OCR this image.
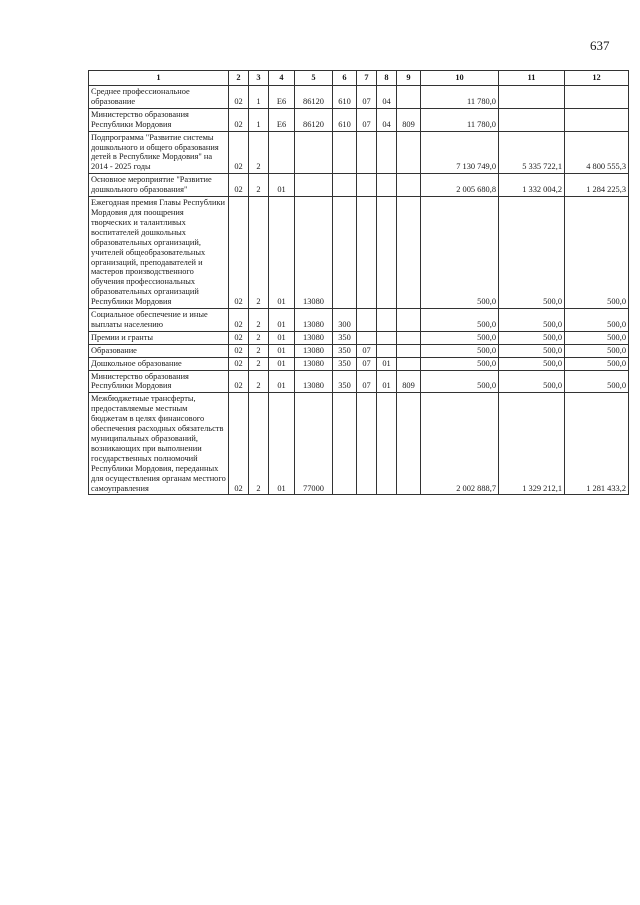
637
1	2	3	4	5	6	7	8	9	10	11	12
Среднее профессиональное образование	02	1	Е6	86120	610	07	04		11 780,0		
Министерство образования Республики Мордовия	02	1	Е6	86120	610	07	04	809	11 780,0		
Подпрограмма "Развитие системы дошкольного и общего образования детей в Республике Мордовия" на 2014 - 2025 годы	02	2							7 130 749,0	5 335 722,1	4 800 555,3
Основное мероприятие "Развитие дошкольного образования"	02	2	01						2 005 680,8	1 332 004,2	1 284 225,3
Ежегодная премия Главы Республики Мордовия для поощрения творческих и талантливых воспитателей дошкольных образовательных организаций, учителей общеобразовательных организаций, преподавателей и мастеров производственного обучения профессиональных образовательных организаций Республики Мордовия	02	2	01	13080					500,0	500,0	500,0
Социальное обеспечение и иные выплаты населению	02	2	01	13080	300				500,0	500,0	500,0
Премии и гранты	02	2	01	13080	350				500,0	500,0	500,0
Образование	02	2	01	13080	350	07			500,0	500,0	500,0
Дошкольное образование	02	2	01	13080	350	07	01		500,0	500,0	500,0
Министерство образования Республики Мордовия	02	2	01	13080	350	07	01	809	500,0	500,0	500,0
Межбюджетные трансферты, предоставляемые местным бюджетам в целях финансового обеспечения расходных обязательств муниципальных образований, возникающих при выполнении государственных полномочий Республики Мордовия, переданных для осуществления органам местного самоуправления	02	2	01	77000					2 002 888,7	1 329 212,1	1 281 433,2
